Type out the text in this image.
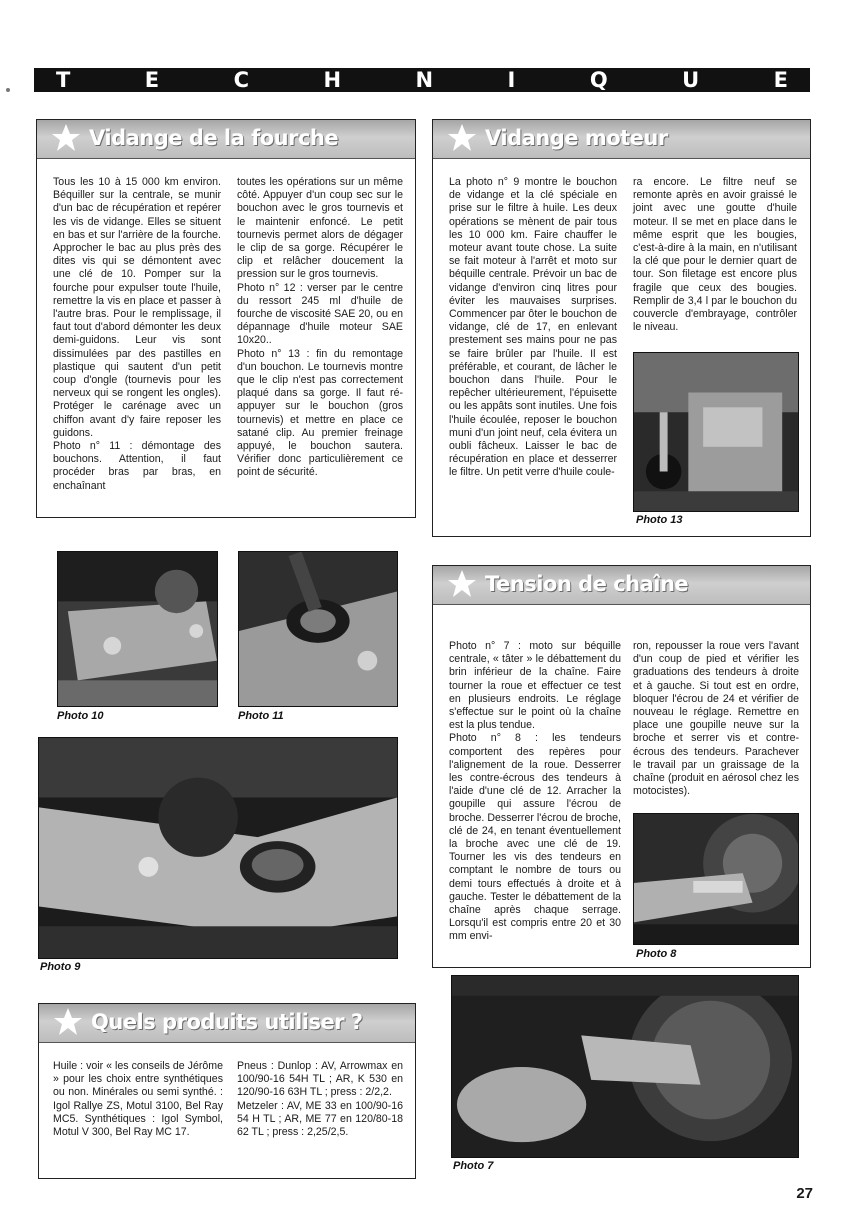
T	E	C	H	N	I	Q	U	E
Vidange de la fourche

Tous les 10 à 15 000 km environ. Béquiller sur la centrale, se munir d'un bac de récupération et repérer les vis de vidange. Elles se situent en bas et sur l'arrière de la fourche. Approcher le bac au plus près des dites vis qui se démontent avec une clé de 10. Pomper sur la fourche pour expulser toute l'huile, remettre la vis en place et passer à l'autre bras. Pour le remplissage, il faut tout d'abord démonter les deux demi-guidons. Leur vis sont dissimulées par des pastilles en plastique qui sautent d'un petit coup d'ongle (tournevis pour les nerveux qui se rongent les ongles). Protéger le carénage avec un chiffon avant d'y faire reposer les guidons.
Photo n° 11 : démontage des bouchons. Attention, il faut procéder bras par bras, en enchaînant

toutes les opérations sur un même côté. Appuyer d'un coup sec sur le bouchon avec le gros tournevis et le maintenir enfoncé. Le petit tournevis permet alors de dégager le clip de sa gorge. Récupérer le clip et relâcher doucement la pression sur le gros tournevis.
Photo n° 12 : verser par le centre du ressort 245 ml d'huile de fourche de viscosité SAE 20, ou en dépannage d'huile moteur SAE 10x20..
Photo n° 13 : fin du remontage d'un bouchon. Le tournevis montre que le clip n'est pas correctement plaqué dans sa gorge. Il faut ré-appuyer sur le bouchon (gros tournevis) et mettre en place ce satané clip. Au premier freinage appuyé, le bouchon sautera. Vérifier donc particulièrement ce point de sécurité.

Vidange moteur

La photo n° 9 montre le bouchon de vidange et la clé spéciale en prise sur le filtre à huile. Les deux opérations se mènent de pair tous les 10 000 km. Faire chauffer le moteur avant toute chose. La suite se fait moteur à l'arrêt et moto sur béquille centrale. Prévoir un bac de vidange d'environ cinq litres pour éviter les mauvaises surprises. Commencer par ôter le bouchon de vidange, clé de 17, en enlevant prestement ses mains pour ne pas se faire brûler par l'huile. Il est préférable, et courant, de lâcher le bouchon dans l'huile. Pour le repêcher ultérieurement, l'épuisette ou les appâts sont inutiles. Une fois l'huile écoulée, reposer le bouchon muni d'un joint neuf, cela évitera un oubli fâcheux. Laisser le bac de récupération en place et desserrer le filtre. Un petit verre d'huile coule-

ra encore. Le filtre neuf se remonte après en avoir graissé le joint avec une goutte d'huile moteur. Il se met en place dans le même esprit que les bougies, c'est-à-dire à la main, en n'utilisant la clé que pour le dernier quart de tour. Son filetage est encore plus fragile que ceux des bougies. Remplir de 3,4 l par le bouchon du couvercle d'embrayage, contrôler le niveau.

Photo 13
Photo 10	Photo 11
Photo 9
Tension de chaîne

Photo n° 7 : moto sur béquille centrale, « tâter » le débattement du brin inférieur de la chaîne. Faire tourner la roue et effectuer ce test en plusieurs endroits. Le réglage s'effectue sur le point où la chaîne est la plus tendue.
Photo n° 8 : les tendeurs comportent des repères pour l'alignement de la roue. Desserrer les contre-écrous des tendeurs à l'aide d'une clé de 12. Arracher la goupille qui assure l'écrou de broche. Desserrer l'écrou de broche, clé de 24, en tenant éventuellement la broche avec une clé de 19. Tourner les vis des tendeurs en comptant le nombre de tours ou demi tours effectués à droite et à gauche. Tester le débattement de la chaîne après chaque serrage. Lorsqu'il est compris entre 20 et 30 mm envi-

ron, repousser la roue vers l'avant d'un coup de pied et vérifier les graduations des tendeurs à droite et à gauche. Si tout est en ordre, bloquer l'écrou de 24 et vérifier de nouveau le réglage. Remettre en place une goupille neuve sur la broche et serrer vis et contre-écrous des tendeurs. Parachever le travail par un graissage de la chaîne (produit en aérosol chez les motocistes).

Photo 8
Photo 7
Quels produits utiliser ?

Huile : voir « les conseils de Jérôme » pour les choix entre synthétiques ou non. Minérales ou semi synthé. : Igol Rallye ZS, Motul 3100, Bel Ray MC5. Synthétiques : Igol Symbol, Motul V 300, Bel Ray MC 17.

Pneus : Dunlop : AV, Arrowmax en 100/90-16 54H TL ; AR, K 530 en 120/90-16 63H TL ; press : 2/2,2.
Metzeler : AV, ME 33 en 100/90-16 54 H TL ; AR, ME 77 en 120/80-18 62 TL ; press : 2,25/2,5.

27
